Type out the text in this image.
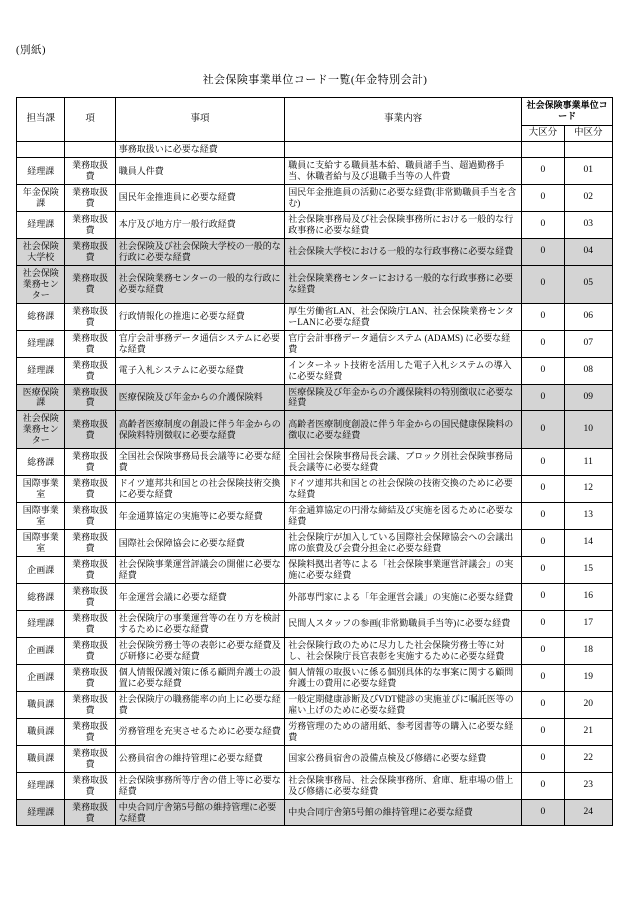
(別紙)
社会保険事業単位コード一覧(年金特別会計)
担当課	項	事項	事業内容	社会保険事業単位コード	
				大区分	中区分
		事務取扱いに必要な経費			
経理課	業務取扱費	職員人件費	職員に支給する職員基本給、職員諸手当、超過勤務手当、休職者給与及び退職手当等の人件費	0	01
年金保険課	業務取扱費	国民年金推進員に必要な経費	国民年金推進員の活動に必要な経費(非常勤職員手当を含む)	0	02
経理課	業務取扱費	本庁及び地方庁一般行政経費	社会保険事務局及び社会保険事務所における一般的な行政事務に必要な経費	0	03
社会保険大学校	業務取扱費	社会保険及び社会保険大学校の一般的な行政に必要な経費	社会保険大学校における一般的な行政事務に必要な経費	0	04
社会保険業務センター	業務取扱費	社会保険業務センターの一般的な行政に必要な経費	社会保険業務センターにおける一般的な行政事務に必要な経費	0	05
総務課	業務取扱費	行政情報化の推進に必要な経費	厚生労働省LAN、社会保険庁LAN、社会保険業務センターLANに必要な経費	0	06
経理課	業務取扱費	官庁会計事務データ通信システムに必要な経費	官庁会計事務データ通信システム (ADAMS) に必要な経費	0	07
経理課	業務取扱費	電子入札システムに必要な経費	インターネット技術を活用した電子入札システムの導入に必要な経費	0	08
医療保険課	業務取扱費	医療保険及び年金からの介護保険料	医療保険及び年金からの介護保険料の特別徴収に必要な経費	0	09
社会保険業務センター	業務取扱費	高齢者医療制度の創設に伴う年金からの保険料特別徴収に必要な経費	高齢者医療制度創設に伴う年金からの国民健康保険料の徴収に必要な経費	0	10
総務課	業務取扱費	全国社会保険事務局長会議等に必要な経費	全国社会保険事務局長会議、ブロック別社会保険事務局長会議等に必要な経費	0	11
国際事業室	業務取扱費	ドイツ連邦共和国との社会保険技術交換に必要な経費	ドイツ連邦共和国との社会保険の技術交換のために必要な経費	0	12
国際事業室	業務取扱費	年金通算協定の実施等に必要な経費	年金通算協定の円滑な締結及び実施を図るために必要な経費	0	13
国際事業室	業務取扱費	国際社会保障協会に必要な経費	社会保険庁が加入している国際社会保障協会への会議出席の旅費及び会費分担金に必要な経費	0	14
企画課	業務取扱費	社会保険事業運営評議会の開催に必要な経費	保険料拠出者等による「社会保険事業運営評議会」の実施に必要な経費	0	15
総務課	業務取扱費	年金運営会議に必要な経費	外部専門家による「年金運営会議」の実施に必要な経費	0	16
経理課	業務取扱費	社会保険庁の事業運営等の在り方を検討するために必要な経費	民間人スタッフの参画(非常勤職員手当等)に必要な経費	0	17
企画課	業務取扱費	社会保険労務士等の表彰に必要な経費及び研修に必要な経費	社会保険行政のために尽力した社会保険労務士等に対し、社会保険庁長官表彰を実施するために必要な経費	0	18
企画課	業務取扱費	個人情報保護対策に係る顧問弁護士の設置に必要な経費	個人情報の取扱いに係る個別具体的な事案に関する顧問弁護士の費用に必要な経費	0	19
職員課	業務取扱費	社会保険庁の職務能率の向上に必要な経費	一般定期健康診断及びVDT健診の実施並びに嘱託医等の雇い上げのために必要な経費	0	20
職員課	業務取扱費	労務管理を充実させるために必要な経費	労務管理のための諸用紙、参考図書等の購入に必要な経費	0	21
職員課	業務取扱費	公務員宿舎の維持管理に必要な経費	国家公務員宿舎の設備点検及び修繕に必要な経費	0	22
経理課	業務取扱費	社会保険事務所等庁舎の借上等に必要な経費	社会保険事務局、社会保険事務所、倉庫、駐車場の借上及び修繕に必要な経費	0	23
経理課	業務取扱費	中央合同庁舎第5号館の維持管理に必要な経費	中央合同庁舎第5号館の維持管理に必要な経費	0	24
